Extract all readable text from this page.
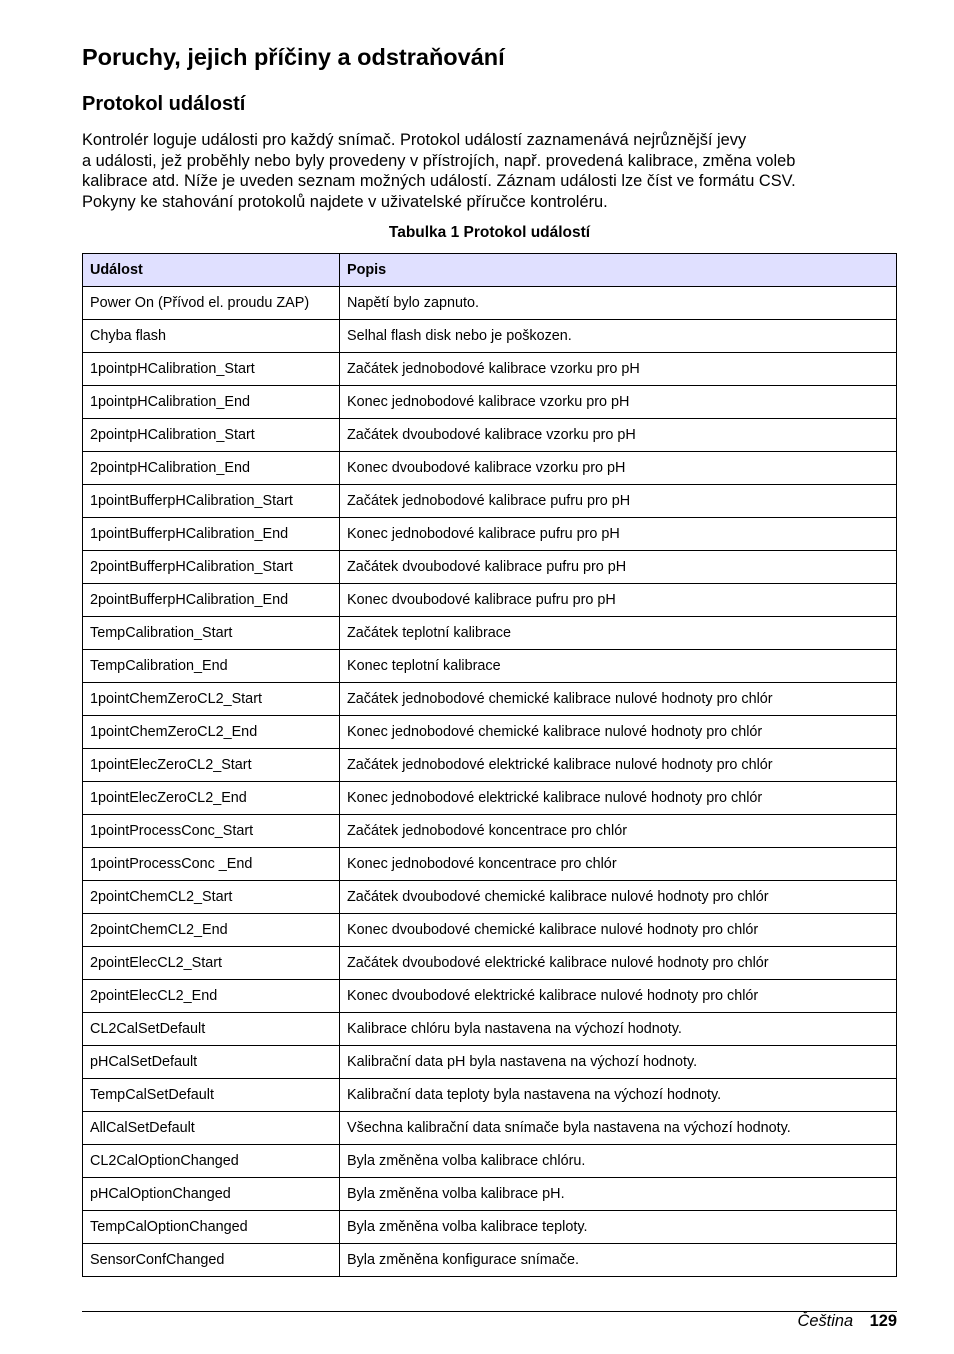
Poruchy, jejich příčiny a odstraňování
Protokol událostí

Kontrolér loguje události pro každý snímač. Protokol událostí zaznamenává nejrůznější jevy
a události, jež proběhly nebo byly provedeny v přístrojích, např. provedená kalibrace, změna voleb
kalibrace atd. Níže je uveden seznam možných událostí. Záznam události lze číst ve formátu CSV.
Pokyny ke stahování protokolů najdete v uživatelské příručce kontroléru.

Tabulka 1 Protokol událostí
Událost	Popis
Power On (Přívod el. proudu ZAP)	Napětí bylo zapnuto.
Chyba flash	Selhal flash disk nebo je poškozen.
1pointpHCalibration_Start	Začátek jednobodové kalibrace vzorku pro pH
1pointpHCalibration_End	Konec jednobodové kalibrace vzorku pro pH
2pointpHCalibration_Start	Začátek dvoubodové kalibrace vzorku pro pH
2pointpHCalibration_End	Konec dvoubodové kalibrace vzorku pro pH
1pointBufferpHCalibration_Start	Začátek jednobodové kalibrace pufru pro pH
1pointBufferpHCalibration_End	Konec jednobodové kalibrace pufru pro pH
2pointBufferpHCalibration_Start	Začátek dvoubodové kalibrace pufru pro pH
2pointBufferpHCalibration_End	Konec dvoubodové kalibrace pufru pro pH
TempCalibration_Start	Začátek teplotní kalibrace
TempCalibration_End	Konec teplotní kalibrace
1pointChemZeroCL2_Start	Začátek jednobodové chemické kalibrace nulové hodnoty pro chlór
1pointChemZeroCL2_End	Konec jednobodové chemické kalibrace nulové hodnoty pro chlór
1pointElecZeroCL2_Start	Začátek jednobodové elektrické kalibrace nulové hodnoty pro chlór
1pointElecZeroCL2_End	Konec jednobodové elektrické kalibrace nulové hodnoty pro chlór
1pointProcessConc_Start	Začátek jednobodové koncentrace pro chlór
1pointProcessConc _End	Konec jednobodové koncentrace pro chlór
2pointChemCL2_Start	Začátek dvoubodové chemické kalibrace nulové hodnoty pro chlór
2pointChemCL2_End	Konec dvoubodové chemické kalibrace nulové hodnoty pro chlór
2pointElecCL2_Start	Začátek dvoubodové elektrické kalibrace nulové hodnoty pro chlór
2pointElecCL2_End	Konec dvoubodové elektrické kalibrace nulové hodnoty pro chlór
CL2CalSetDefault	Kalibrace chlóru byla nastavena na výchozí hodnoty.
pHCalSetDefault	Kalibrační data pH byla nastavena na výchozí hodnoty.
TempCalSetDefault	Kalibrační data teploty byla nastavena na výchozí hodnoty.
AllCalSetDefault	Všechna kalibrační data snímače byla nastavena na výchozí hodnoty.
CL2CalOptionChanged	Byla změněna volba kalibrace chlóru.
pHCalOptionChanged	Byla změněna volba kalibrace pH.
TempCalOptionChanged	Byla změněna volba kalibrace teploty.
SensorConfChanged	Byla změněna konfigurace snímače.
Čeština 129
